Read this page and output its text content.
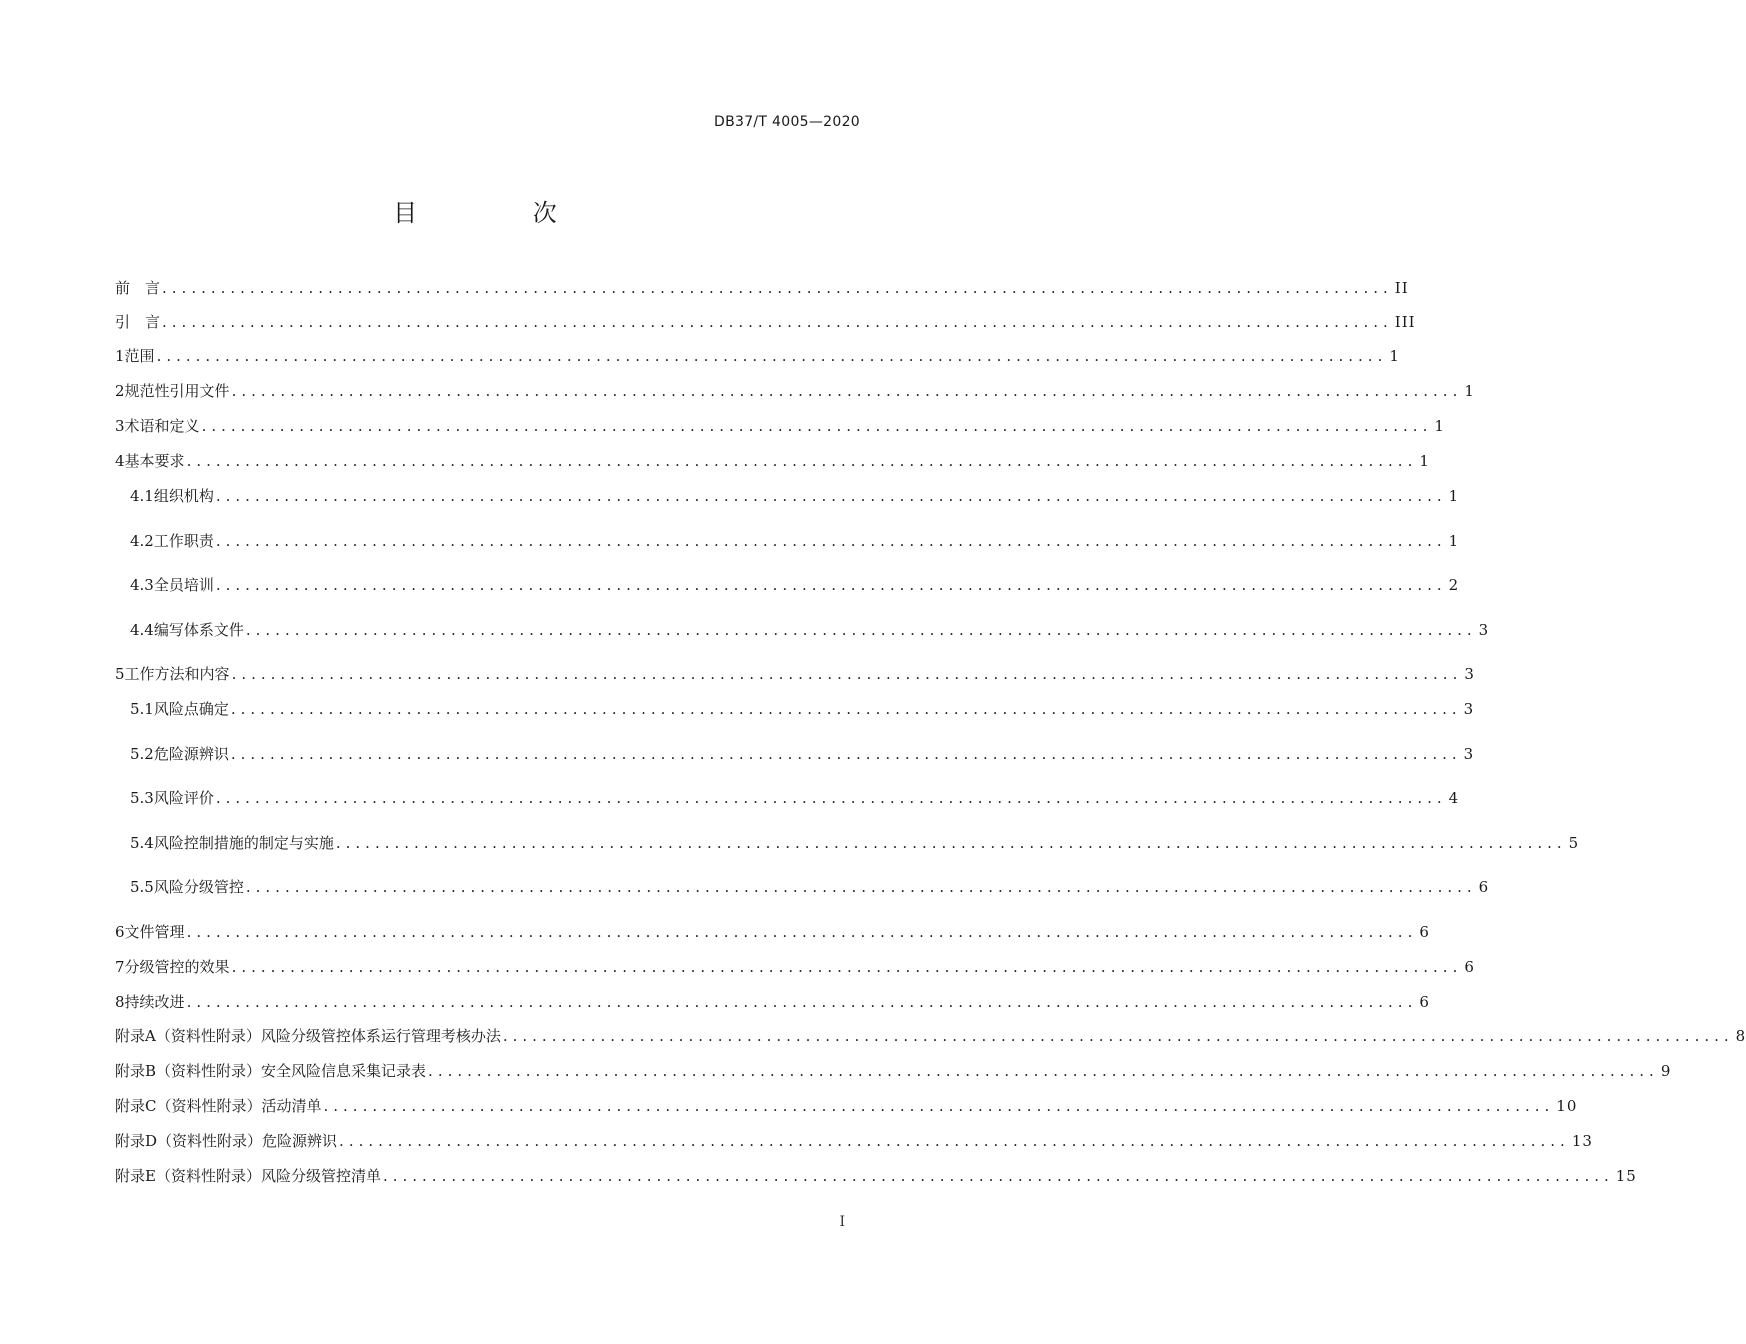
DB37/T 4005—2020
目 次
前　言 .............................................................................................................................. II
引　言 .............................................................................................................................. III
1 范围 .............................................................................................................................. 1
2 规范性引用文件 .............................................................................................................................. 1
3 术语和定义 .............................................................................................................................. 1
4 基本要求 .............................................................................................................................. 1
4.1 组织机构 .............................................................................................................................. 1
4.2 工作职责 .............................................................................................................................. 1
4.3 全员培训 .............................................................................................................................. 2
4.4 编写体系文件 .............................................................................................................................. 3
5 工作方法和内容 .............................................................................................................................. 3
5.1 风险点确定 .............................................................................................................................. 3
5.2 危险源辨识 .............................................................................................................................. 3
5.3 风险评价 .............................................................................................................................. 4
5.4 风险控制措施的制定与实施 .............................................................................................................................. 5
5.5 风险分级管控 .............................................................................................................................. 6
6 文件管理 .............................................................................................................................. 6
7 分级管控的效果 .............................................................................................................................. 6
8 持续改进 .............................................................................................................................. 6
附录A（资料性附录） 风险分级管控体系运行管理考核办法 .............................................................................................................................. 8
附录B（资料性附录） 安全风险信息采集记录表 .............................................................................................................................. 9
附录C（资料性附录） 活动清单 .............................................................................................................................. 10
附录D（资料性附录） 危险源辨识 .............................................................................................................................. 13
附录E（资料性附录） 风险分级管控清单 .............................................................................................................................. 15
I
